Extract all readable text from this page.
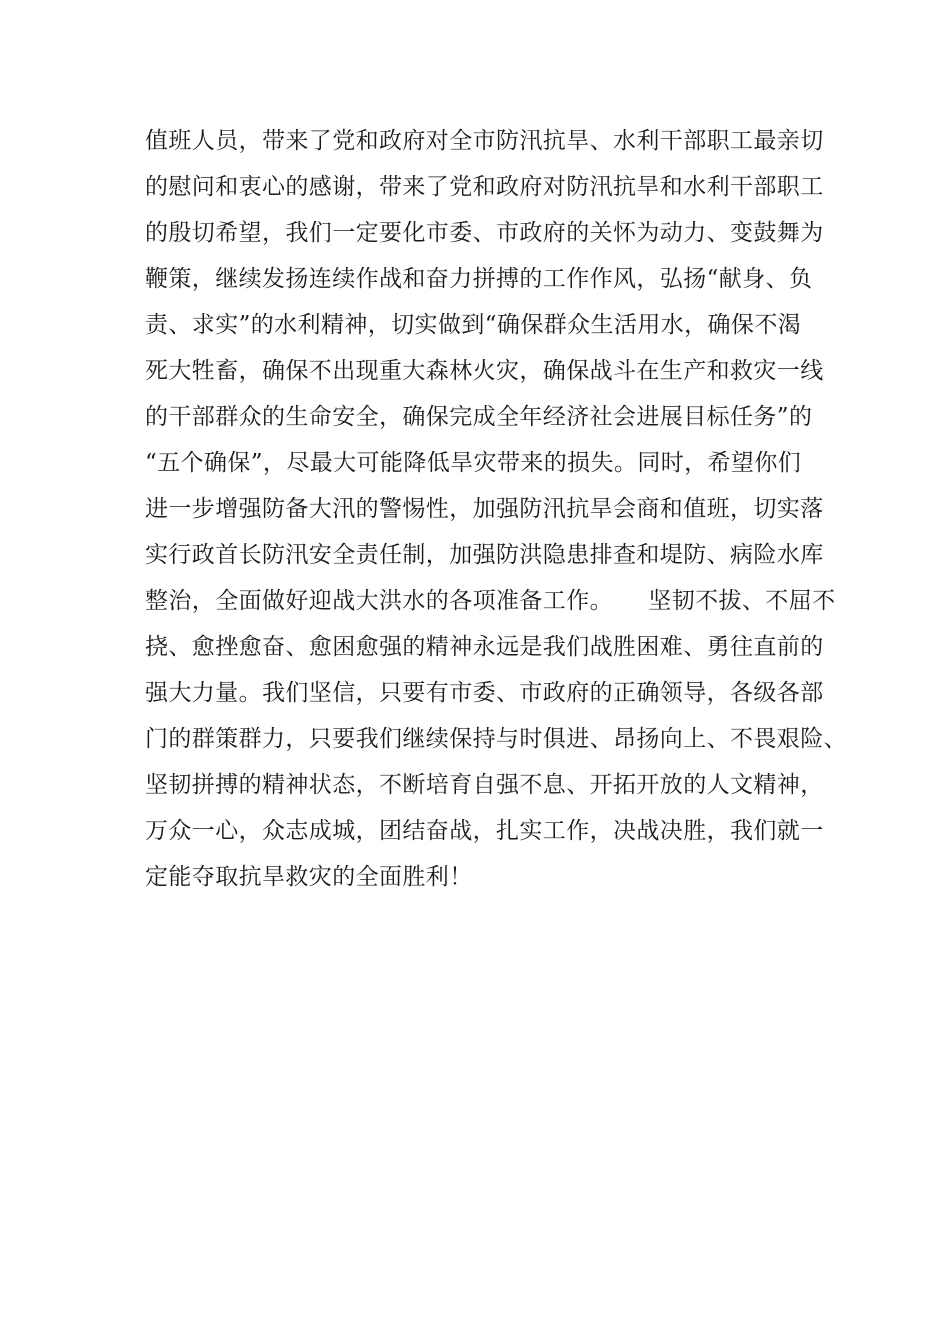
值班人员，带来了党和政府对全市防汛抗旱、水利干部职工最亲切
的慰问和衷心的感谢，带来了党和政府对防汛抗旱和水利干部职工
的殷切希望，我们一定要化市委、市政府的关怀为动力、变鼓舞为
鞭策，继续发扬连续作战和奋力拼搏的工作作风，弘扬“献身、负
责、求实”的水利精神，切实做到“确保群众生活用水，确保不渴
死大牲畜，确保不出现重大森林火灾，确保战斗在生产和救灾一线
的干部群众的生命安全，确保完成全年经济社会进展目标任务”的
“五个确保”，尽最大可能降低旱灾带来的损失。同时，希望你们
进一步增强防备大汛的警惕性，加强防汛抗旱会商和值班，切实落
实行政首长防汛安全责任制，加强防洪隐患排查和堤防、病险水库
整治，全面做好迎战大洪水的各项准备工作。　　坚韧不拔、不屈不
挠、愈挫愈奋、愈困愈强的精神永远是我们战胜困难、勇往直前的
强大力量。我们坚信，只要有市委、市政府的正确领导，各级各部
门的群策群力，只要我们继续保持与时俱进、昂扬向上、不畏艰险、
坚韧拼搏的精神状态，不断培育自强不息、开拓开放的人文精神，
万众一心，众志成城，团结奋战，扎实工作，决战决胜，我们就一
定能夺取抗旱救灾的全面胜利！
